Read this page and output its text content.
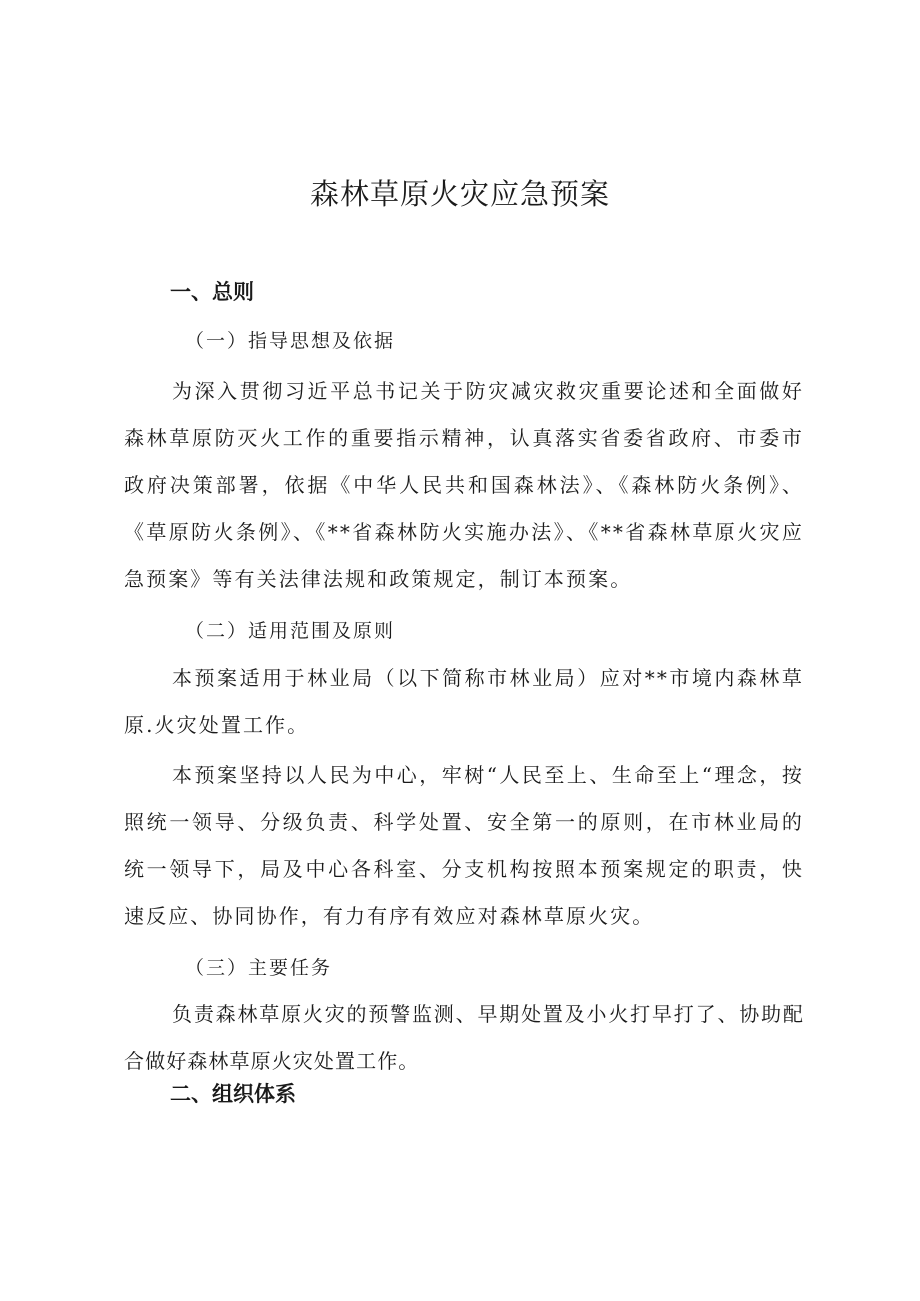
森林草原火灾应急预案
一、总则
（一）指导思想及依据

为深入贯彻习近平总书记关于防灾减灾救灾重要论述和全面做好森林草原防灭火工作的重要指示精神，认真落实省委省政府、市委市政府决策部署，依据《中华人民共和国森林法》、《森林防火条例》、《草原防火条例》、《**省森林防火实施办法》、《**省森林草原火灾应急预案》等有关法律法规和政策规定，制订本预案。

（二）适用范围及原则

本预案适用于林业局（以下简称市林业局）应对**市境内森林草原.火灾处置工作。

本预案坚持以人民为中心，牢树“人民至上、生命至上“理念，按照统一领导、分级负责、科学处置、安全第一的原则，在市林业局的统一领导下，局及中心各科室、分支机构按照本预案规定的职责，快速反应、协同协作，有力有序有效应对森林草原火灾。

（三）主要任务

负责森林草原火灾的预警监测、早期处置及小火打早打了、协助配合做好森林草原火灾处置工作。

二、组织体系
